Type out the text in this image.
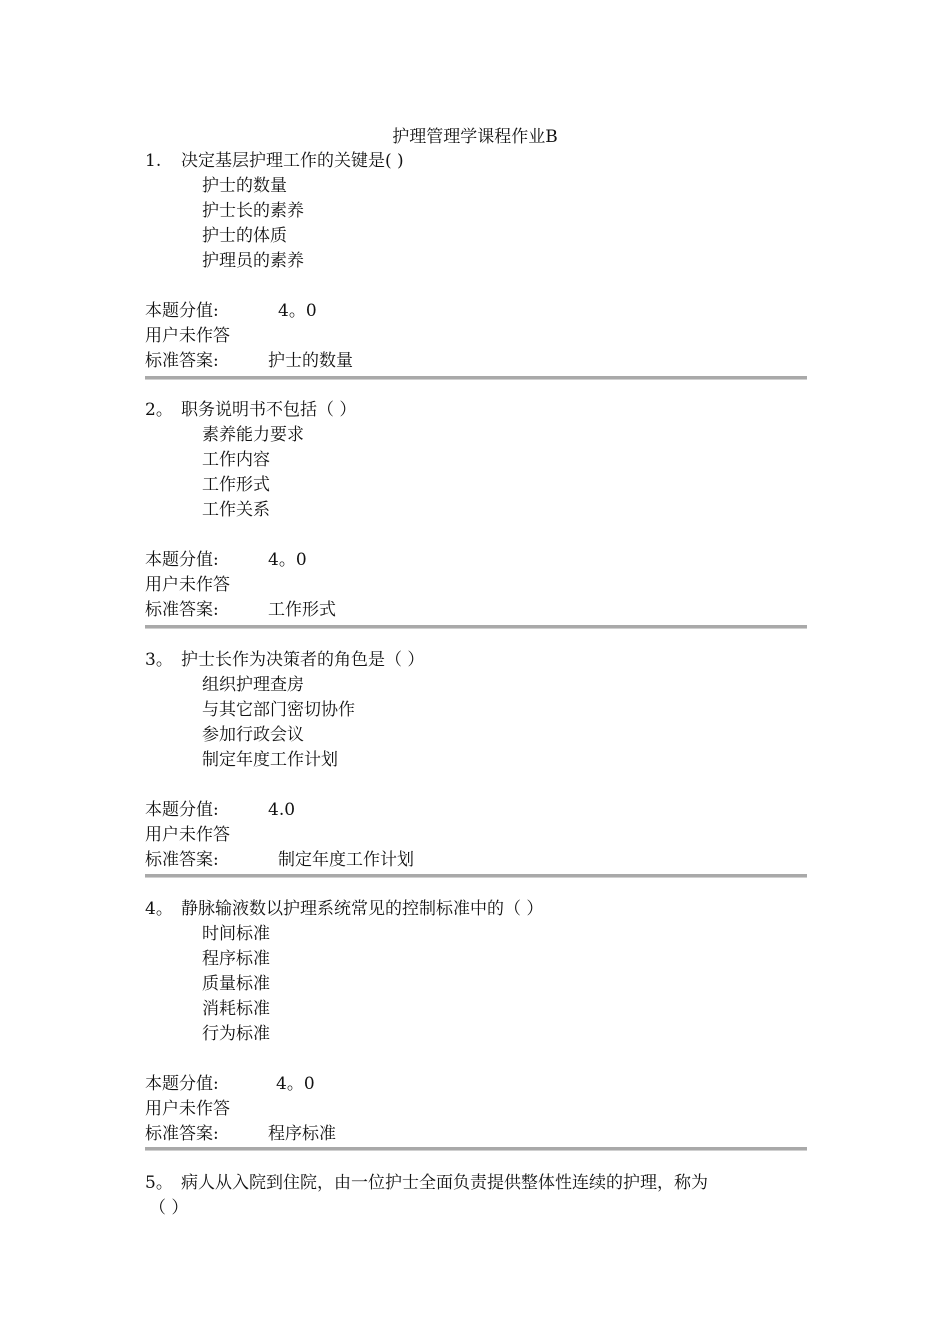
护理管理学课程作业B
1. 决定基层护理工作的关键是( )
护士的数量
护士长的素养
护士的体质
护理员的素养
本题分值:	4。0
用户未作答
标准答案:	护士的数量
2。 职务说明书不包括（ ）
素养能力要求
工作内容
工作形式
工作关系
本题分值:	4。0
用户未作答
标准答案:	工作形式
3。 护士长作为决策者的角色是（ ）
组织护理查房
与其它部门密切协作
参加行政会议
制定年度工作计划
本题分值:	4.0
用户未作答
标准答案:	制定年度工作计划
4。 静脉输液数以护理系统常见的控制标准中的（ ）
时间标准
程序标准
质量标准
消耗标准
行为标准
本题分值:	4。0
用户未作答
标准答案:	程序标准
5。 病人从入院到住院，由一位护士全面负责提供整体性连续的护理，称为
（ ）
